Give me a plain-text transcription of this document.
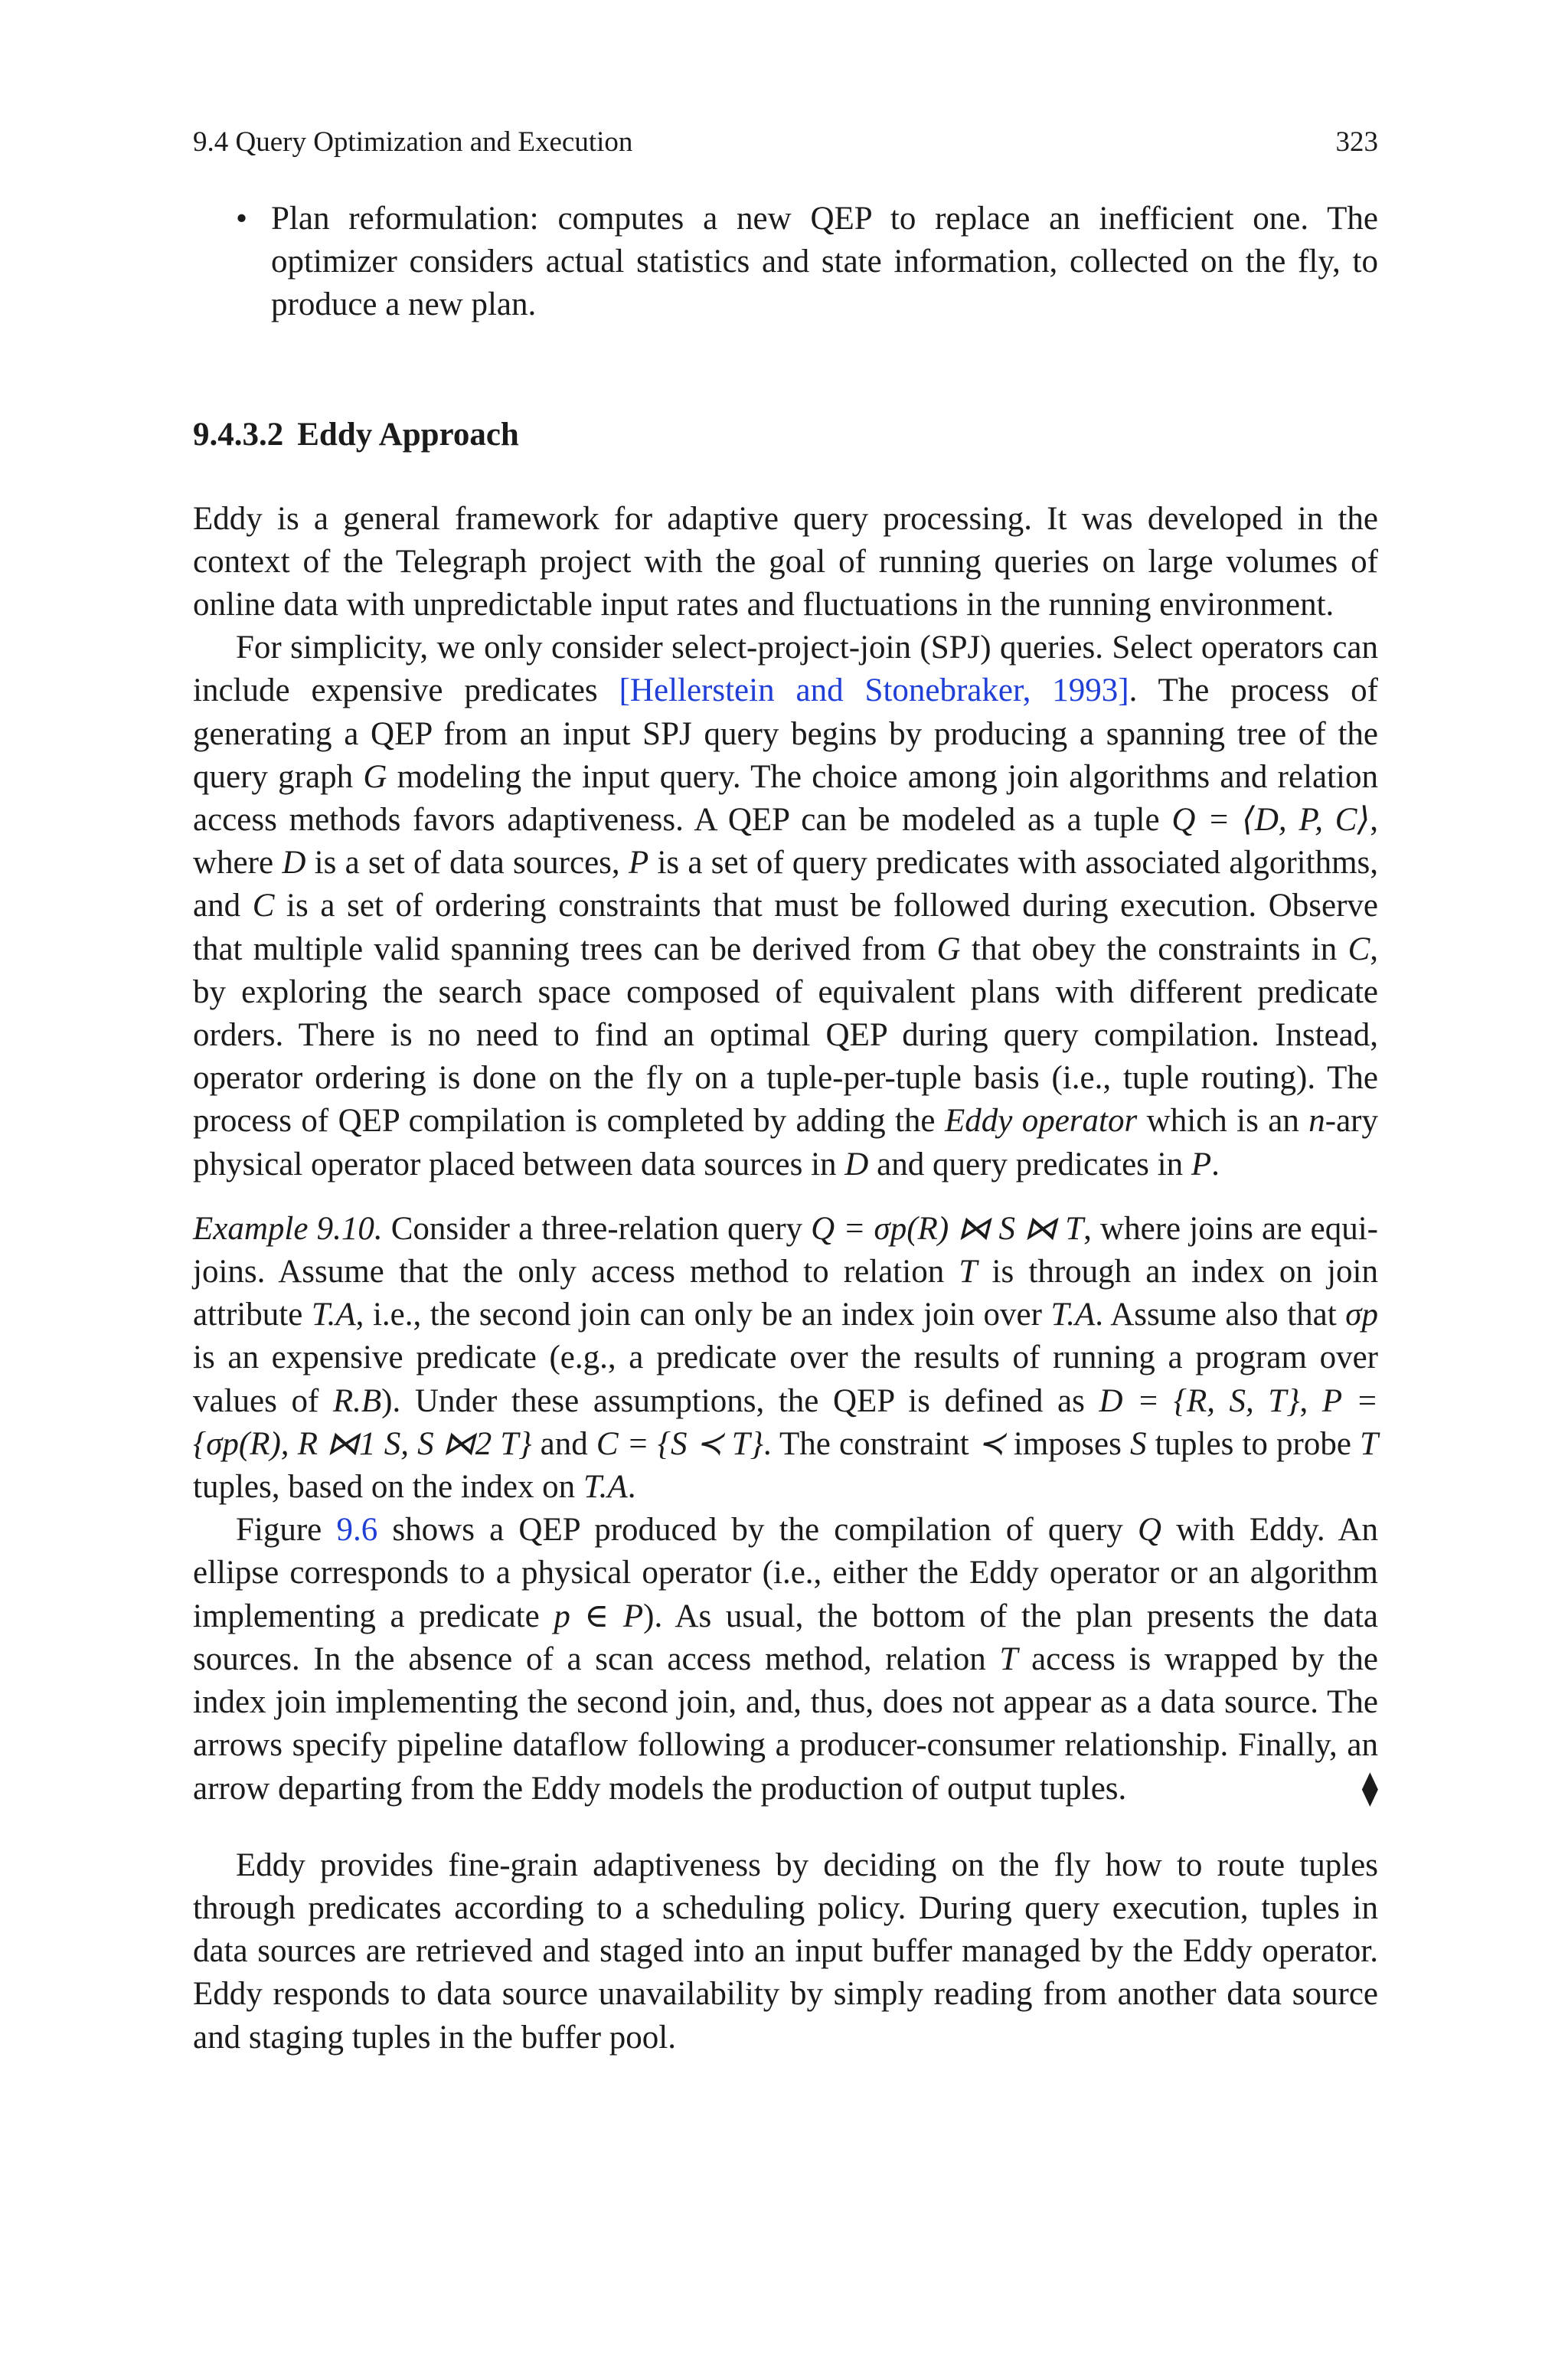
9.4 Query Optimization and Execution	323
• Plan reformulation: computes a new QEP to replace an inefficient one. The optimizer considers actual statistics and state information, collected on the fly, to produce a new plan.

9.4.3.2 Eddy Approach

Eddy is a general framework for adaptive query processing. It was developed in the context of the Telegraph project with the goal of running queries on large volumes of online data with unpredictable input rates and fluctuations in the running environment.

For simplicity, we only consider select-project-join (SPJ) queries. Select operators can include expensive predicates [Hellerstein and Stonebraker, 1993]. The process of generating a QEP from an input SPJ query begins by producing a spanning tree of the query graph G modeling the input query. The choice among join algorithms and relation access methods favors adaptiveness. A QEP can be modeled as a tuple Q = ⟨D, P, C⟩, where D is a set of data sources, P is a set of query predicates with associated algorithms, and C is a set of ordering constraints that must be followed during execution. Observe that multiple valid spanning trees can be derived from G that obey the constraints in C, by exploring the search space composed of equivalent plans with different predicate orders. There is no need to find an optimal QEP during query compilation. Instead, operator ordering is done on the fly on a tuple-per-tuple basis (i.e., tuple routing). The process of QEP compilation is completed by adding the Eddy operator which is an n-ary physical operator placed between data sources in D and query predicates in P.

Example 9.10. Consider a three-relation query Q = σp(R) ⋈ S ⋈ T, where joins are equi-joins. Assume that the only access method to relation T is through an index on join attribute T.A, i.e., the second join can only be an index join over T.A. Assume also that σp is an expensive predicate (e.g., a predicate over the results of running a program over values of R.B). Under these assumptions, the QEP is defined as D = {R, S, T}, P = {σp(R), R ⋈1 S, S ⋈2 T} and C = {S ≺ T}. The constraint ≺ imposes S tuples to probe T tuples, based on the index on T.A.

Figure 9.6 shows a QEP produced by the compilation of query Q with Eddy. An ellipse corresponds to a physical operator (i.e., either the Eddy operator or an algorithm implementing a predicate p ∈ P). As usual, the bottom of the plan presents the data sources. In the absence of a scan access method, relation T access is wrapped by the index join implementing the second join, and, thus, does not appear as a data source. The arrows specify pipeline dataflow following a producer-consumer relationship. Finally, an arrow departing from the Eddy models the production of output tuples.	⧫

Eddy provides fine-grain adaptiveness by deciding on the fly how to route tuples through predicates according to a scheduling policy. During query execution, tuples in data sources are retrieved and staged into an input buffer managed by the Eddy operator. Eddy responds to data source unavailability by simply reading from another data source and staging tuples in the buffer pool.
